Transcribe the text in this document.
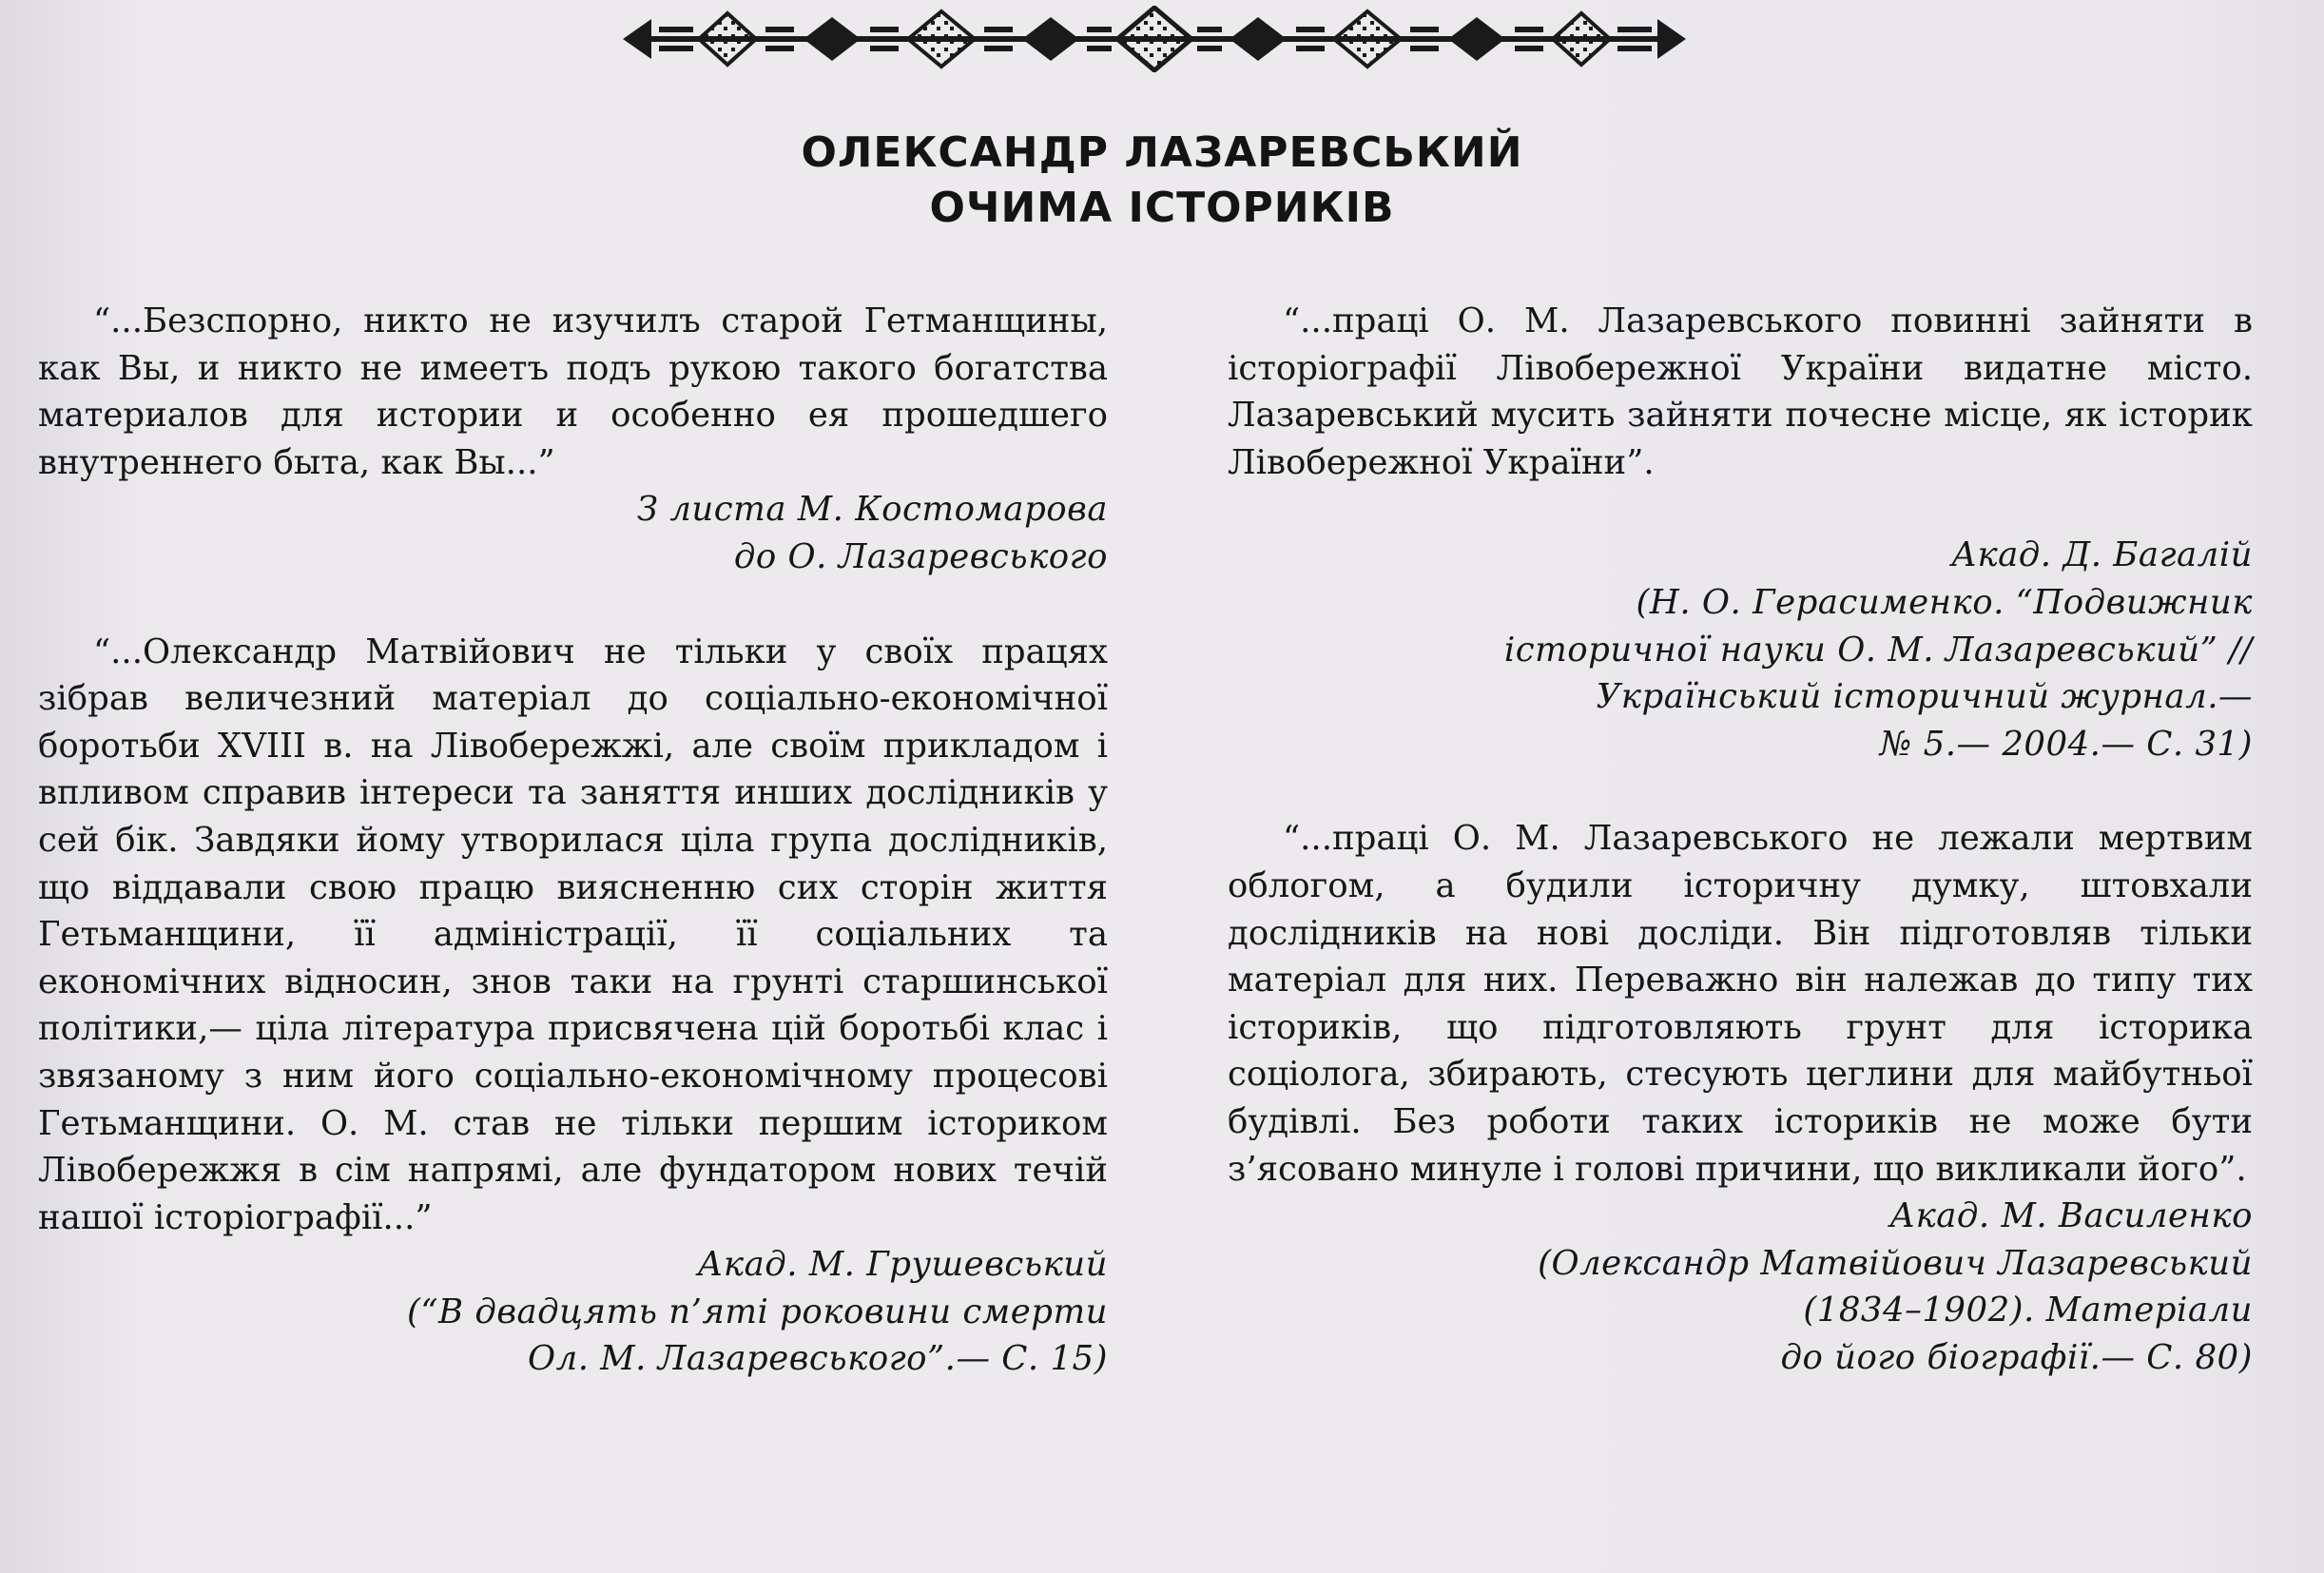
ОЛЕКСАНДР ЛАЗАРЕВСЬКИЙ
ОЧИМА ІСТОРИКІВ
“...Безспорно, никто не изучилъ старой Гетманщины, как Вы, и никто не имеетъ подъ рукою такого богатства материалов для истории и особенно ея прошедшего внутреннего быта, как Вы...”
З листа М. Костомарова
до О. Лазаревського
“...Олександр Матвійович не тільки у своїх працях зібрав величезний матеріал до соціально-економічної боротьби XVIII в. на Лівобережжі, але своїм прикладом і впливом справив інтереси та заняття инших дослідників у сей бік. Завдяки йому утворилася ціла група дослідників, що віддавали свою працю виясненню сих сторін життя Гетьманщини, її адміністрації, її соціальних та економічних відносин, знов таки на грунті старшинської політики,— ціла література присвячена цій боротьбі клас і звязаному з ним його соціально-економічному процесові Гетьманщини. О. М. став не тільки першим істориком Лівобережжя в сім напрямі, але фундатором нових течій нашої історіографії...”
Акад. М. Грушевський
(“В двадцять п’яті роковини смерти
Ол. М. Лазаревського”.— С. 15)
“...праці О. М. Лазаревського повинні зайняти в історіографії Лівобережної України видатне місто. Лазаревський мусить зайняти почесне місце, як історик Лівобережної України”.
Акад. Д. Багалій
(Н. О. Герасименко. “Подвижник
історичної науки О. М. Лазаревський” //
Український історичний журнал.—
№ 5.— 2004.— С. 31)
“...праці О. М. Лазаревського не лежали мертвим облогом, а будили історичну думку, штовхали дослідників на нові досліди. Він підготовляв тільки матеріал для них. Переважно він належав до типу тих істориків, що підготовляють грунт для історика соціолога, збирають, стесують цеглини для майбутньої будівлі. Без роботи таких істориків не може бути з’ясовано минуле і голові причини, що викликали його”.
Акад. М. Василенко
(Олександр Матвійович Лазаревський
(1834–1902). Матеріали
до його біографії.— С. 80)
